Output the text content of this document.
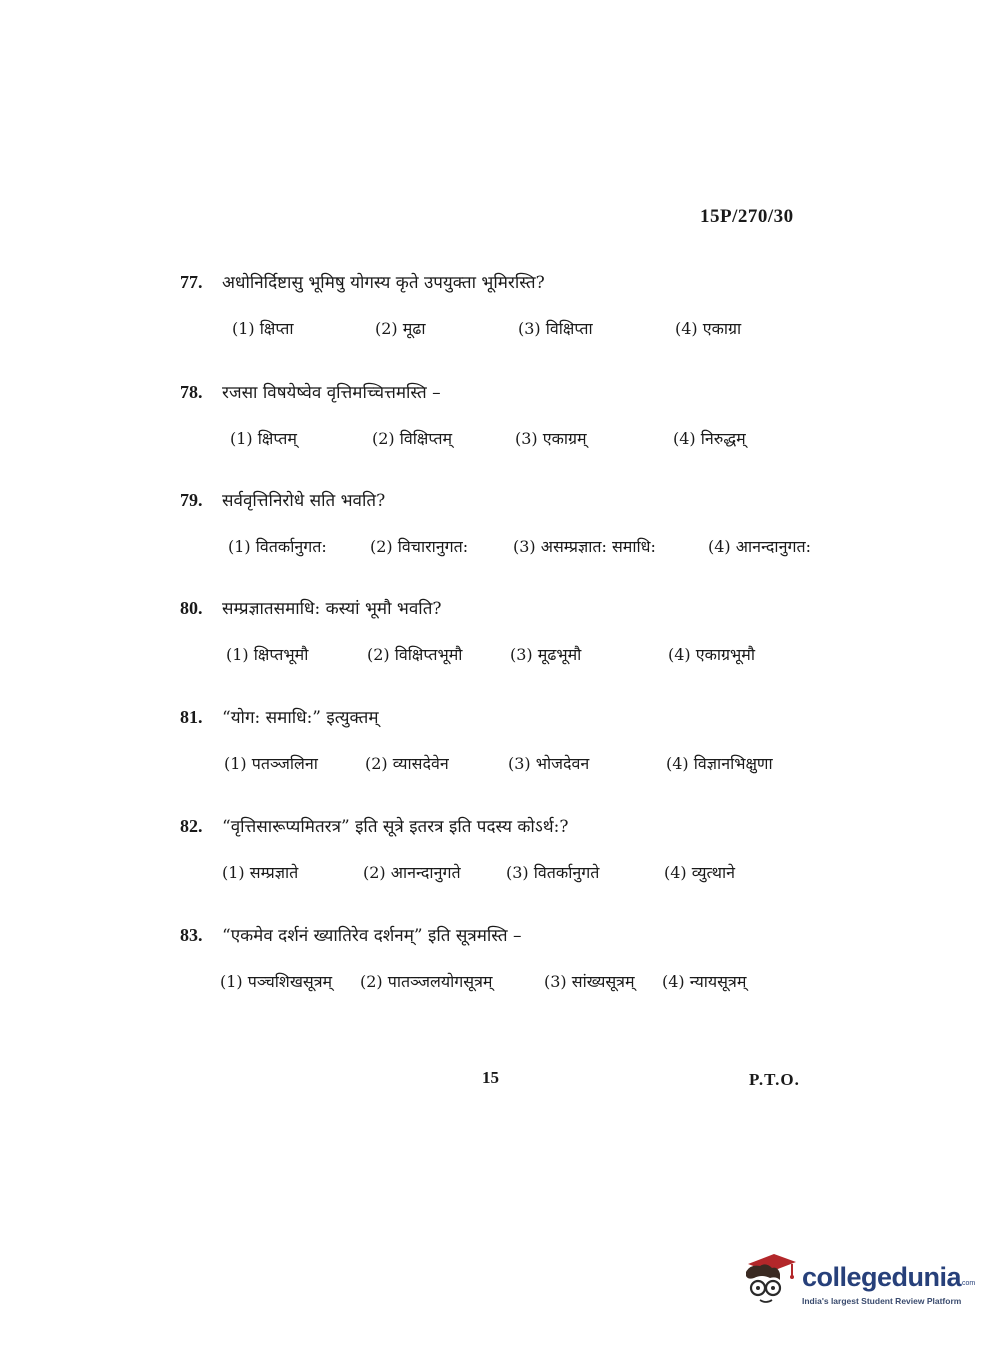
15P/270/30
77. अधोनिर्दिष्टासु भूमिषु योगस्य कृते उपयुक्ता भूमिरस्ति?
(1) क्षिप्ता	(2) मूढा	(3) विक्षिप्ता	(4) एकाग्रा
78. रजसा विषयेष्वेव वृत्तिमच्चित्तमस्ति –
(1) क्षिप्तम्	(2) विक्षिप्तम्	(3) एकाग्रम्	(4) निरुद्धम्
79. सर्ववृत्तिनिरोधे सति भवति?
(1) वितर्कानुगत:	(2) विचारानुगत:	(3) असम्प्रज्ञात: समाधि:	(4) आनन्दानुगत:
80. सम्प्रज्ञातसमाधि: कस्यां भूमौ भवति?
(1) क्षिप्तभूमौ	(2) विक्षिप्तभूमौ	(3) मूढभूमौ	(4) एकाग्रभूमौ
81. “योग: समाधि:” इत्युक्तम्
(1) पतञ्जलिना	(2) व्यासदेवेन	(3) भोजदेवन	(4) विज्ञानभिक्षुणा
82. “वृत्तिसारूप्यमितरत्र” इति सूत्रे इतरत्र इति पदस्य कोऽर्थ:?
(1) सम्प्रज्ञाते	(2) आनन्दानुगते	(3) वितर्कानुगते	(4) व्युत्थाने
83. “एकमेव दर्शनं ख्यातिरेव दर्शनम्” इति सूत्रमस्ति –
(1) पञ्चशिखसूत्रम् (2) पातञ्जलयोगसूत्रम्	(3) सांख्यसूत्रम् (4) न्यायसूत्रम्
15	P.T.O.
collegedunia
.com
India's largest Student Review Platform
